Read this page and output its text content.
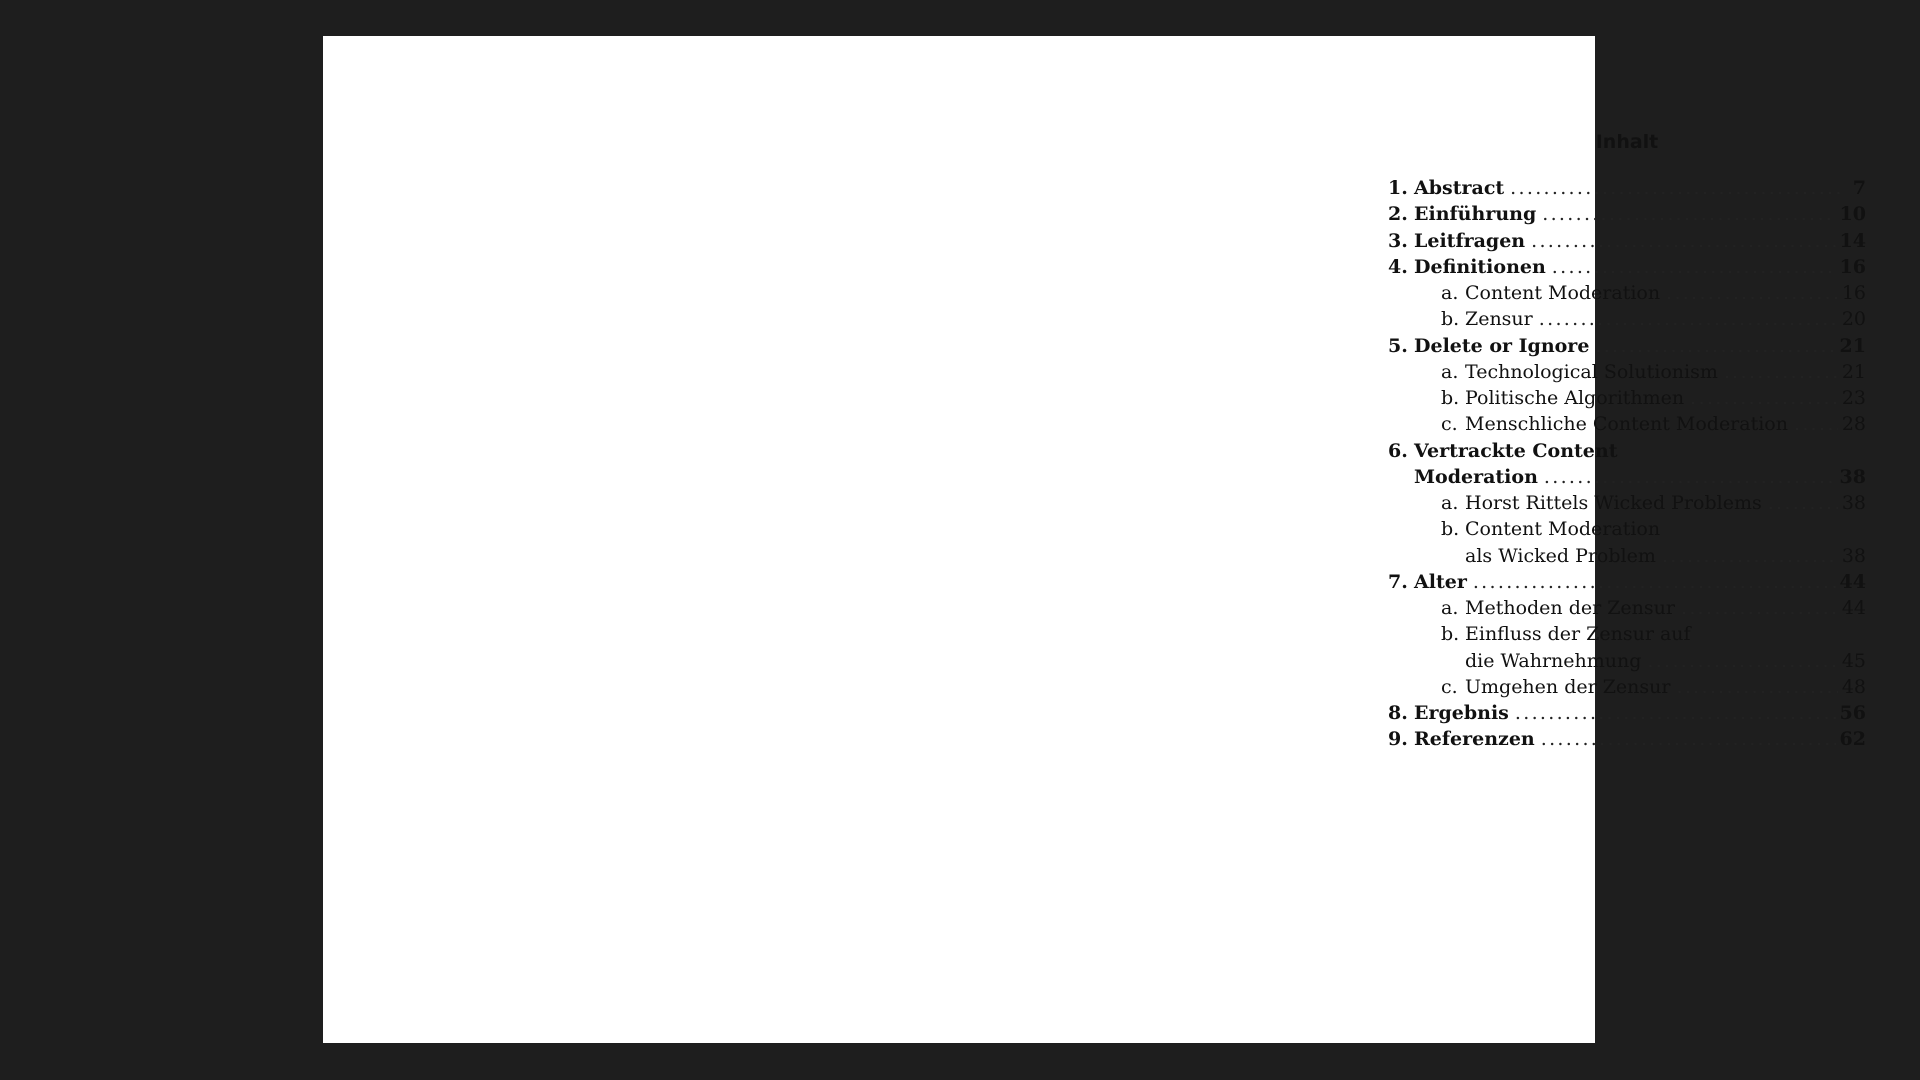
Inhalt
1. Abstract .....	7
2. Einführung .....	10
3. Leitfragen .....	14
4. Definitionen .....	16
a. Content Moderation .....	16
b. Zensur .....	20
5. Delete or Ignore .....	21
a. Technological Solutionism .....	21
b. Politische Algorithmen .....	23
c. Menschliche Content Moderation .....	28
6. Vertrackte Content
Moderation .....	38
a. Horst Rittels Wicked Problems .....	38
b. Content Moderation
als Wicked Problem .....	38
7. Alter .....	44
a. Methoden der Zensur .....	44
b. Einfluss der Zensur auf
die Wahrnehmung .....	45
c. Umgehen der Zensur .....	48
8. Ergebnis .....	56
9. Referenzen .....	62
